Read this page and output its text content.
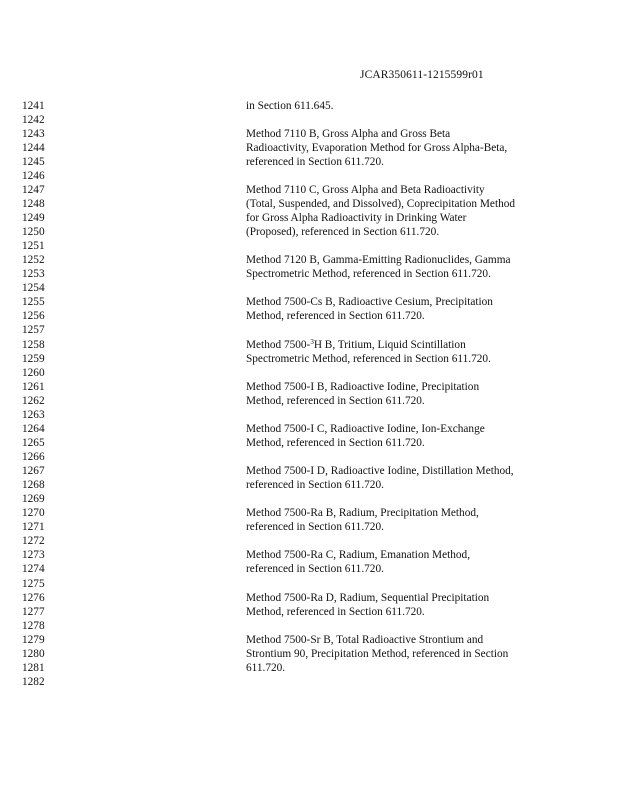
JCAR350611-1215599r01
1241	in Section 611.645.
1242
1243	Method 7110 B, Gross Alpha and Gross Beta
1244	Radioactivity, Evaporation Method for Gross Alpha-Beta,
1245	referenced in Section 611.720.
1246
1247	Method 7110 C, Gross Alpha and Beta Radioactivity
1248	(Total, Suspended, and Dissolved), Coprecipitation Method
1249	for Gross Alpha Radioactivity in Drinking Water
1250	(Proposed), referenced in Section 611.720.
1251
1252	Method 7120 B, Gamma-Emitting Radionuclides, Gamma
1253	Spectrometric Method, referenced in Section 611.720.
1254
1255	Method 7500-Cs B, Radioactive Cesium, Precipitation
1256	Method, referenced in Section 611.720.
1257
1258	Method 7500-$^3$H B, Tritium, Liquid Scintillation
1259	Spectrometric Method, referenced in Section 611.720.
1260
1261	Method 7500-I B, Radioactive Iodine, Precipitation
1262	Method, referenced in Section 611.720.
1263
1264	Method 7500-I C, Radioactive Iodine, Ion-Exchange
1265	Method, referenced in Section 611.720.
1266
1267	Method 7500-I D, Radioactive Iodine, Distillation Method,
1268	referenced in Section 611.720.
1269
1270	Method 7500-Ra B, Radium, Precipitation Method,
1271	referenced in Section 611.720.
1272
1273	Method 7500-Ra C, Radium, Emanation Method,
1274	referenced in Section 611.720.
1275
1276	Method 7500-Ra D, Radium, Sequential Precipitation
1277	Method, referenced in Section 611.720.
1278
1279	Method 7500-Sr B, Total Radioactive Strontium and
1280	Strontium 90, Precipitation Method, referenced in Section
1281	611.720.
1282
